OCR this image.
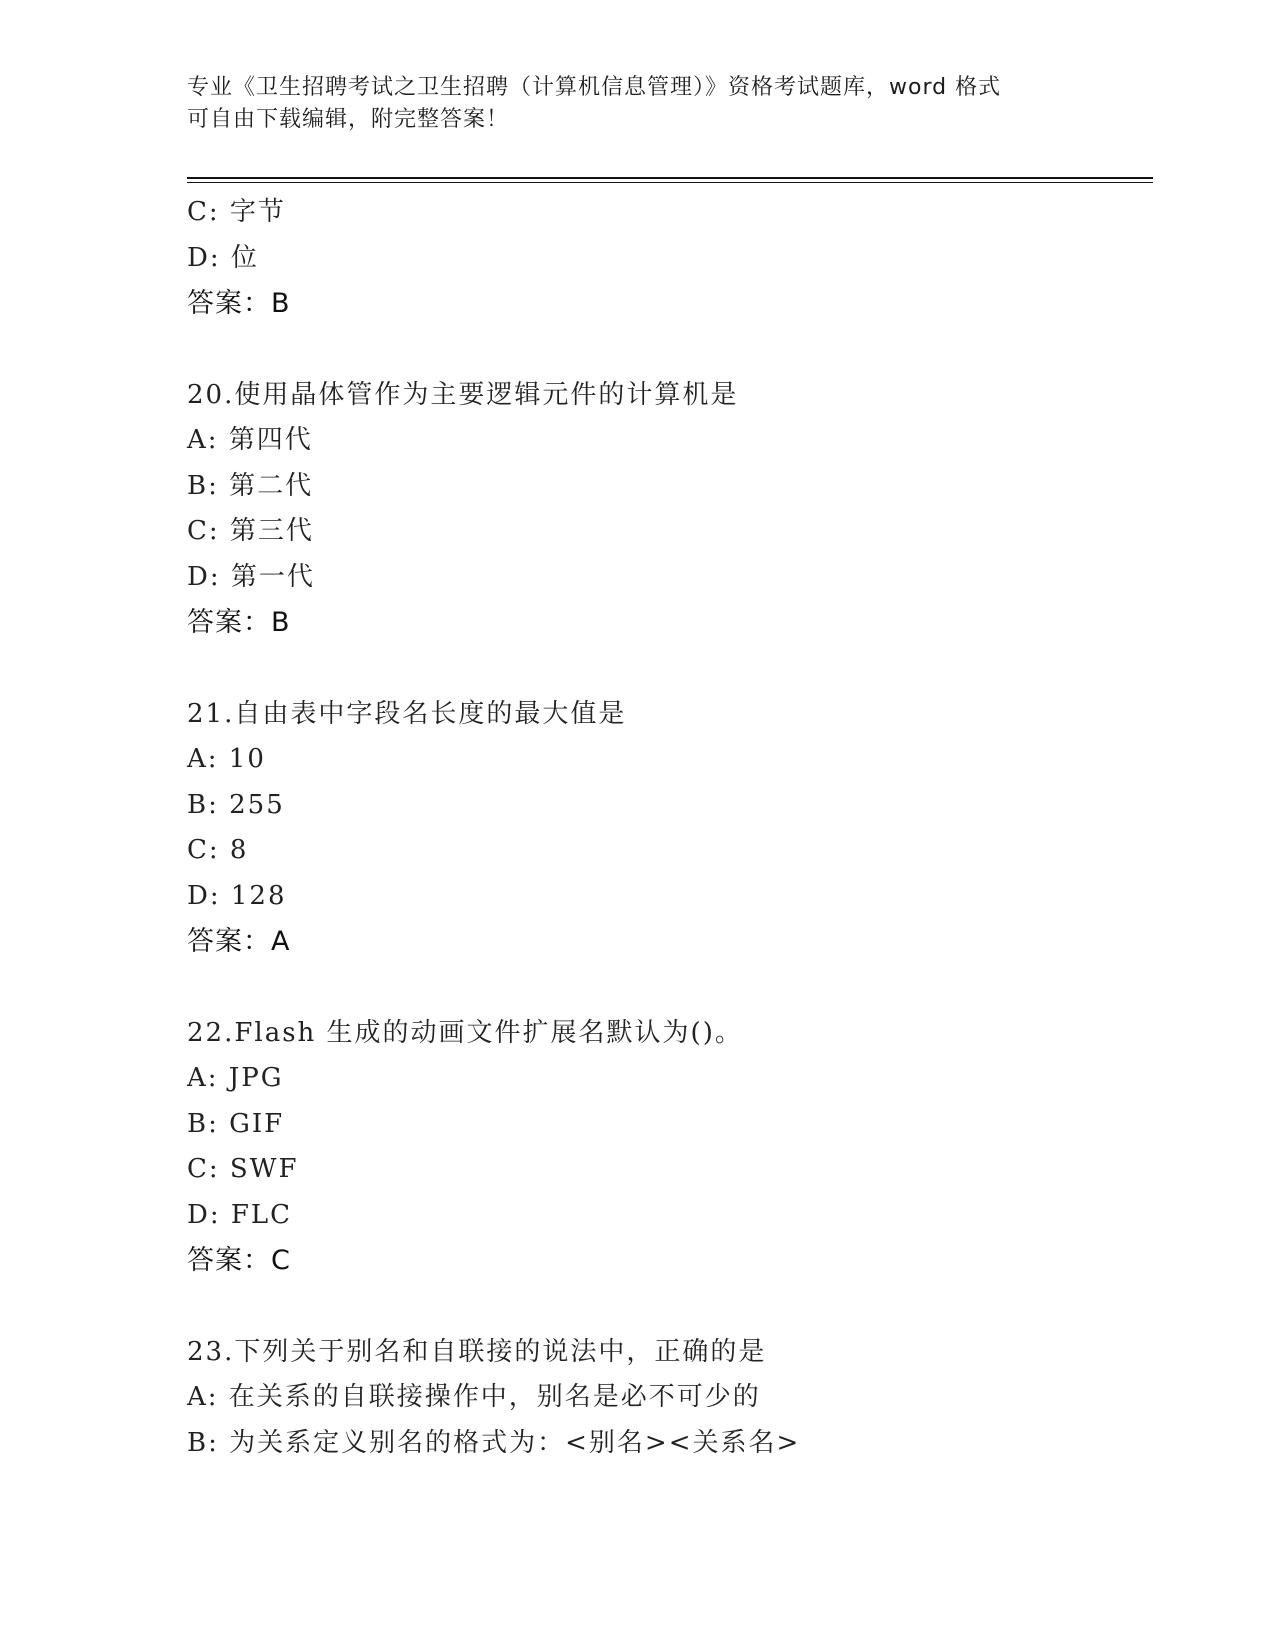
专业《卫生招聘考试之卫生招聘（计算机信息管理）》资格考试题库，word 格式
可自由下载编辑，附完整答案！
C: 字节
D: 位
答案：B
20.使用晶体管作为主要逻辑元件的计算机是
A: 第四代
B: 第二代
C: 第三代
D: 第一代
答案：B
21.自由表中字段名长度的最大值是
A: 10
B: 255
C: 8
D: 128
答案：A
22.Flash 生成的动画文件扩展名默认为()。
A: JPG
B: GIF
C: SWF
D: FLC
答案：C
23.下列关于别名和自联接的说法中，正确的是
A: 在关系的自联接操作中，别名是必不可少的
B: 为关系定义别名的格式为：<别名><关系名>
